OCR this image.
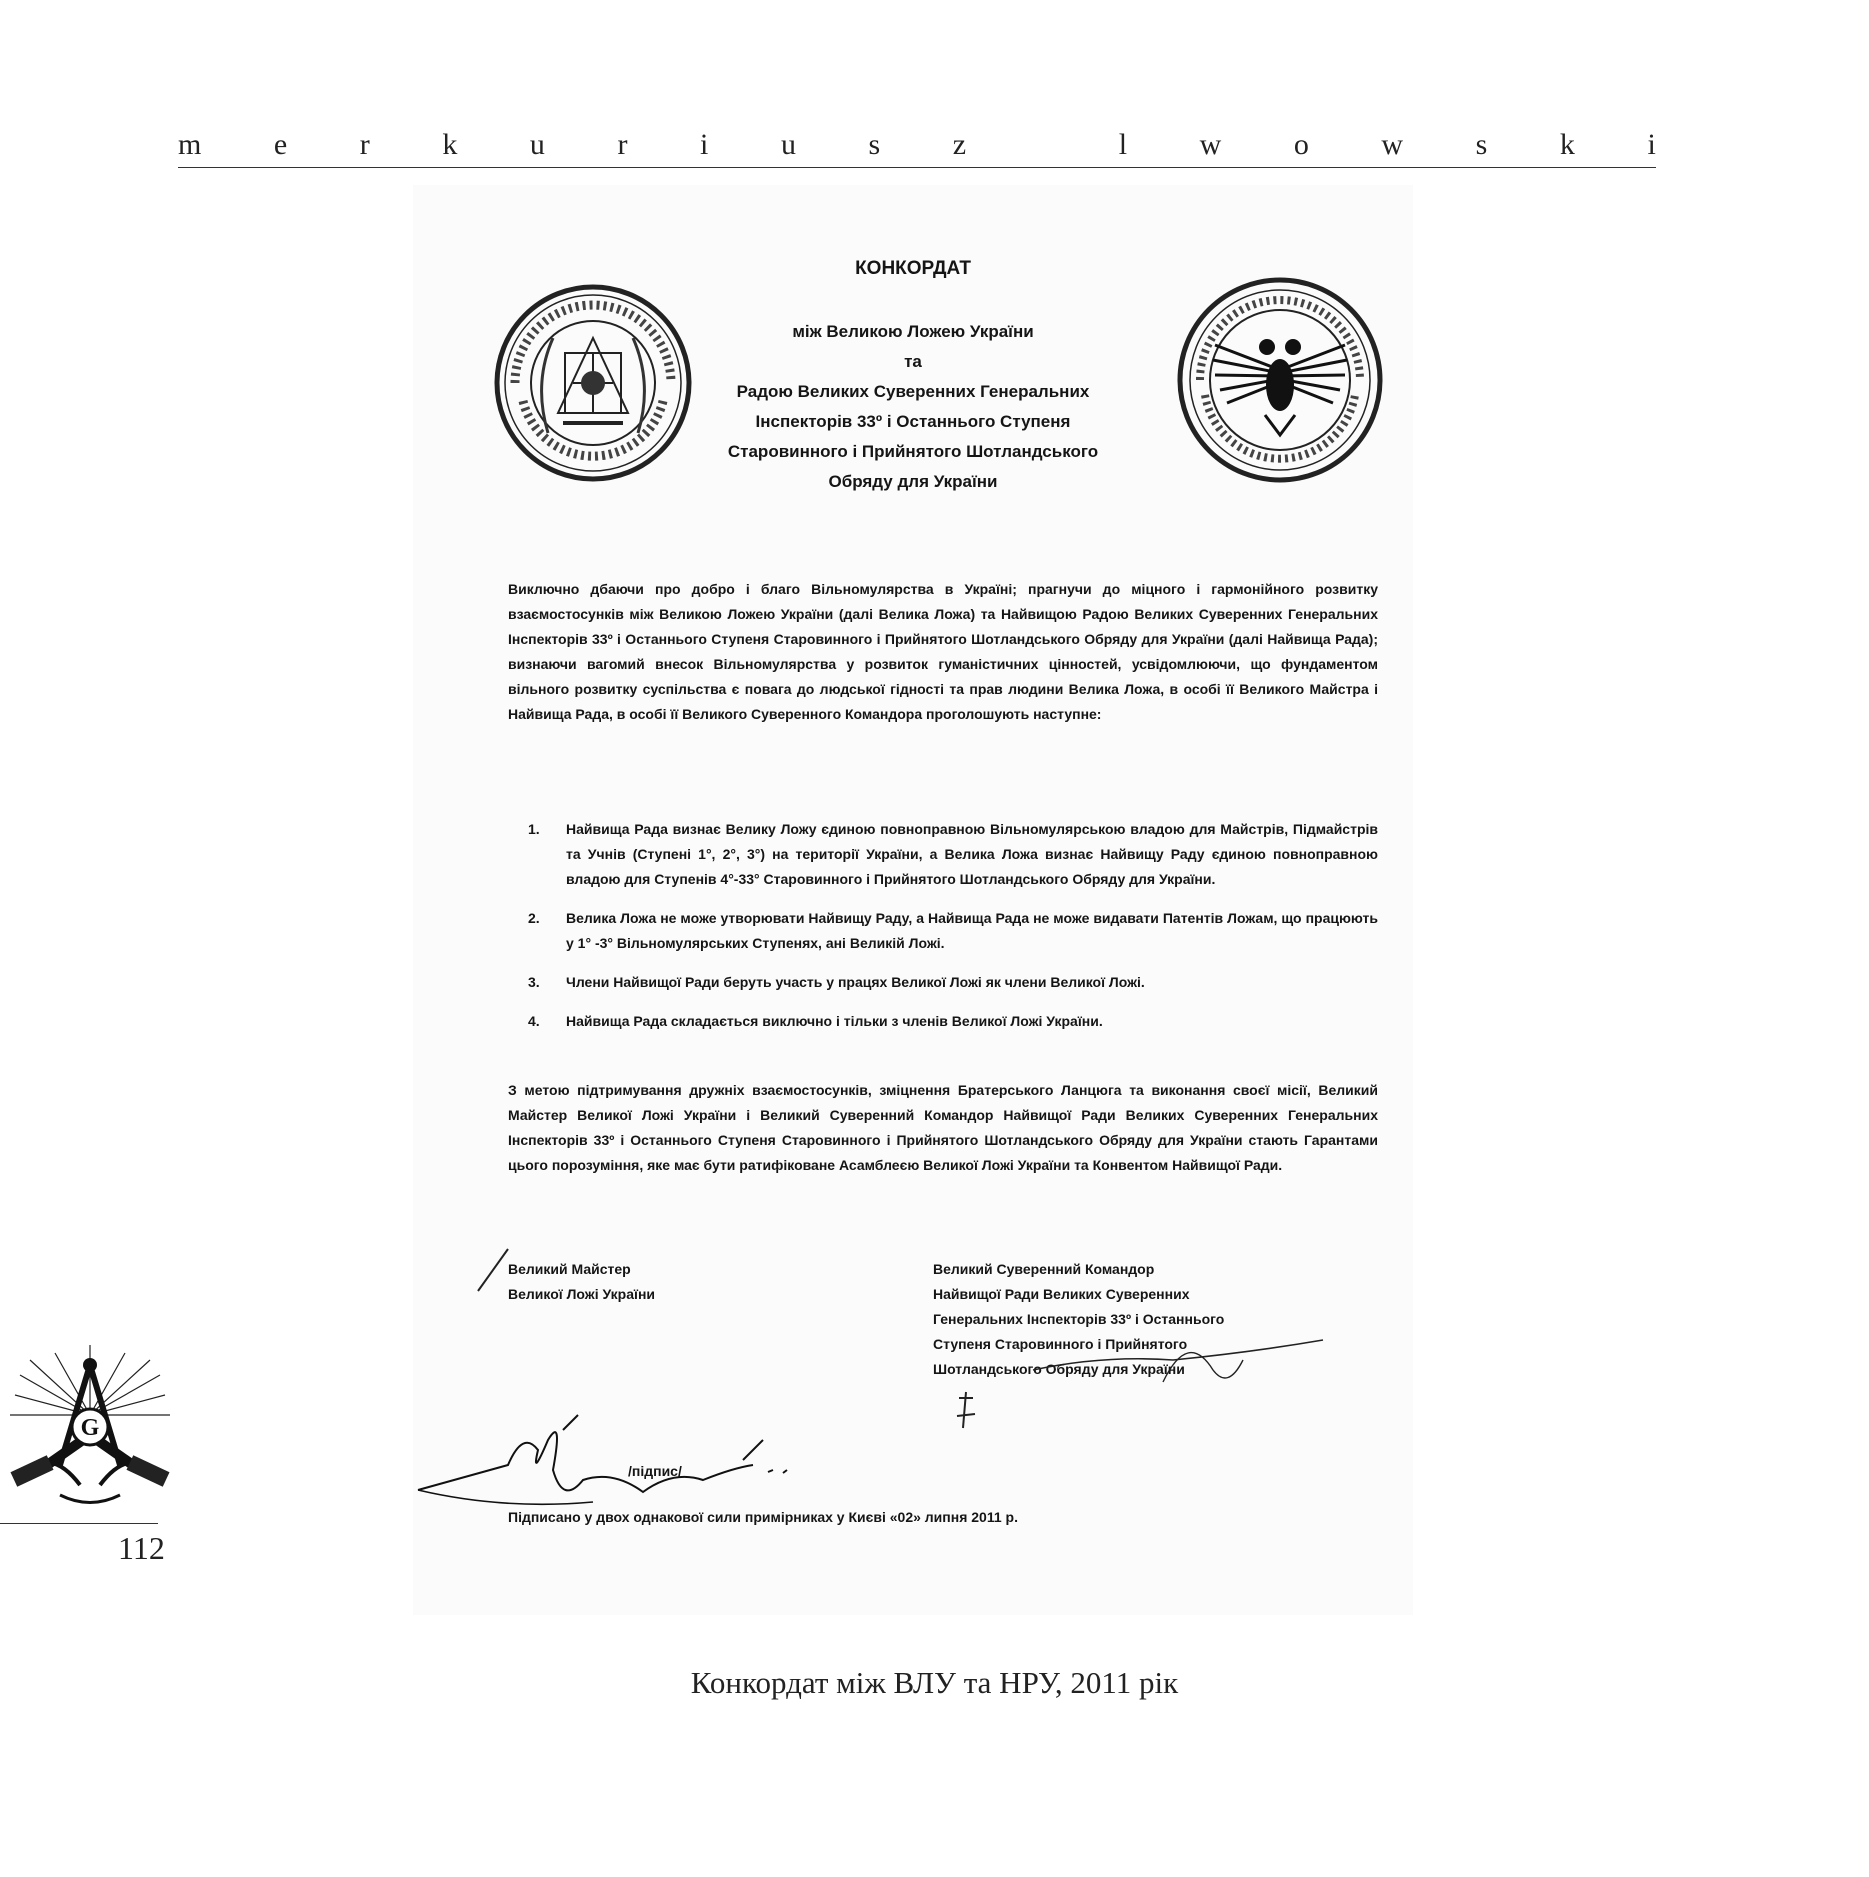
m e r k u r i u s z
	l w o w s k i
КОНКОРДАТ
між Великою Ложею України
та
Радою Великих Суверенних Генеральних
Інспекторів 33º і Останнього Ступеня
Старовинного і Прийнятого Шотландського
Обряду для України
Виключно дбаючи про добро і благо Вільномулярства в Україні; прагнучи до міцного і гармонійного розвитку взаємостосунків між Великою Ложею України (далі Велика Ложа) та Найвищою Радою Великих Суверенних Генеральних Інспекторів 33º і Останнього Ступеня Старовинного і Прийнятого Шотландського Обряду для України (далі Найвища Рада); визнаючи вагомий внесок Вільномулярства у розвиток гуманістичних цінностей, усвідомлюючи, що фундаментом вільного розвитку суспільства є повага до людської гідності та прав людини Велика Ложа, в особі її Великого Майстра і Найвища Рада, в особі її Великого Суверенного Командора проголошують наступне:
1.	Найвища Рада визнає Велику Ложу єдиною повноправною Вільномулярською владою для Майстрів, Підмайстрів та Учнів (Ступені 1°, 2°, 3°) на території України, а Велика Ложа визнає Найвищу Раду єдиною повноправною владою для Ступенів 4°-33° Старовинного і Прийнятого Шотландського Обряду для України.
2.	Велика Ложа не може утворювати Найвищу Раду, а Найвища Рада не може видавати Патентів Ложам, що працюють у 1° -3° Вільномулярських Ступенях, ані Великій Ложі.
3.	Члени Найвищої Ради беруть участь у працях Великої Ложі як члени Великої Ложі.
4.	Найвища Рада складається виключно і тільки з членів Великої Ложі України.
З метою підтримування дружніх взаємостосунків, зміцнення Братерського Ланцюга та виконання своєї місії, Великий Майстер Великої Ложі України і Великий Суверенний Командор Найвищої Ради Великих Суверенних Генеральних Інспекторів 33º і Останнього Ступеня Старовинного і Прийнятого Шотландського Обряду для України стають Гарантами цього порозуміння, яке має бути ратифіковане Асамблеєю Великої Ложі України та Конвентом Найвищої Ради.
Великий Майстер
Великої Ложі України
Великий Суверенний Командор
Найвищої Ради Великих Суверенних
Генеральних Інспекторів 33º і Останнього
Ступеня Старовинного і Прийнятого
Шотландського Обряду для України
/підпис/
Підписано у двох однакової сили примірниках у Києві «02» липня 2011 р.
G
112
Конкордат між ВЛУ та НРУ, 2011 рік
